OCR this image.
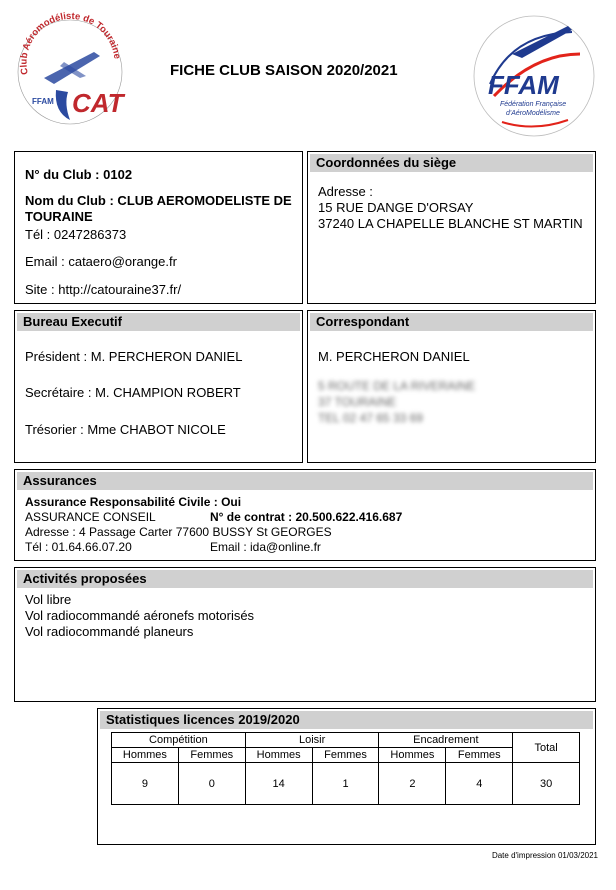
Club Aéromodéliste de Touraine
FFAM CAT
FICHE CLUB SAISON 2020/2021	FFAM
Fédération Française
d'AéroModélisme
N° du Club : 0102
Nom du Club : CLUB AEROMODELISTE DE
TOURAINE
Tél : 0247286373
Email : cataero@orange.fr
Site : http://catouraine37.fr/
Coordonnées du siège
Adresse :
15 RUE DANGE D'ORSAY
37240 LA CHAPELLE BLANCHE ST MARTIN
Bureau Executif
Président : M. PERCHERON DANIEL
Secrétaire : M. CHAMPION ROBERT
Trésorier : Mme CHABOT NICOLE
Correspondant
M. PERCHERON DANIEL
5 ROUTE DE LA RIVERAINE
37 TOURAINE
TEL 02 47 65 33 69
Assurances
Assurance Responsabilité Civile : Oui
ASSURANCE CONSEIL	N° de contrat : 20.500.622.416.687
Adresse : 4 Passage Carter 77600 BUSSY St GEORGES
Tél : 01.64.66.07.20	Email : ida@online.fr
Activités proposées
Vol libre
Vol radiocommandé aéronefs motorisés
Vol radiocommandé planeurs
Statistiques licences 2019/2020
Compétition		Loisir		Encadrement		Total
Hommes	Femmes	Hommes	Femmes	Hommes	Femmes	
9	0	14	1	2	4	30
Date d'impression 01/03/2021
